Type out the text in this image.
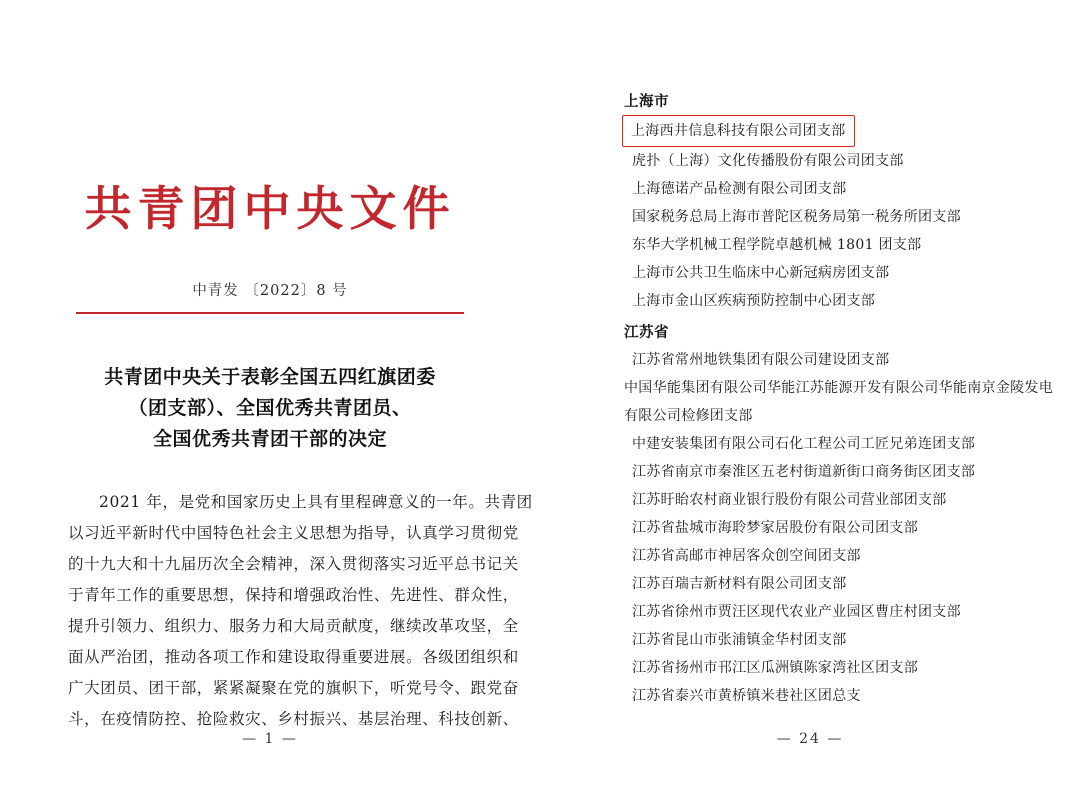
共青团中央文件
中青发 〔2022〕8 号
共青团中央关于表彰全国五四红旗团委
（团支部）、全国优秀共青团员、
全国优秀共青团干部的决定
2021 年，是党和国家历史上具有里程碑意义的一年。共青团
以习近平新时代中国特色社会主义思想为指导，认真学习贯彻党
的十九大和十九届历次全会精神，深入贯彻落实习近平总书记关
于青年工作的重要思想，保持和增强政治性、先进性、群众性，
提升引领力、组织力、服务力和大局贡献度，继续改革攻坚，全
面从严治团，推动各项工作和建设取得重要进展。各级团组织和
广大团员、团干部，紧紧凝聚在党的旗帜下，听党号令、跟党奋
斗，在疫情防控、抢险救灾、乡村振兴、基层治理、科技创新、
— 1 —
上海市
上海西井信息科技有限公司团支部
虎扑（上海）文化传播股份有限公司团支部
上海德诺产品检测有限公司团支部
国家税务总局上海市普陀区税务局第一税务所团支部
东华大学机械工程学院卓越机械 1801 团支部
上海市公共卫生临床中心新冠病房团支部
上海市金山区疾病预防控制中心团支部
江苏省
江苏省常州地铁集团有限公司建设团支部
中国华能集团有限公司华能江苏能源开发有限公司华能南京金陵发电有限公司检修团支部
中建安装集团有限公司石化工程公司工匠兄弟连团支部
江苏省南京市秦淮区五老村街道新街口商务街区团支部
江苏盱眙农村商业银行股份有限公司营业部团支部
江苏省盐城市海聆梦家居股份有限公司团支部
江苏省高邮市神居客众创空间团支部
江苏百瑞吉新材料有限公司团支部
江苏省徐州市贾汪区现代农业产业园区曹庄村团支部
江苏省昆山市张浦镇金华村团支部
江苏省扬州市邗江区瓜洲镇陈家湾社区团支部
江苏省泰兴市黄桥镇米巷社区团总支
— 24 —
